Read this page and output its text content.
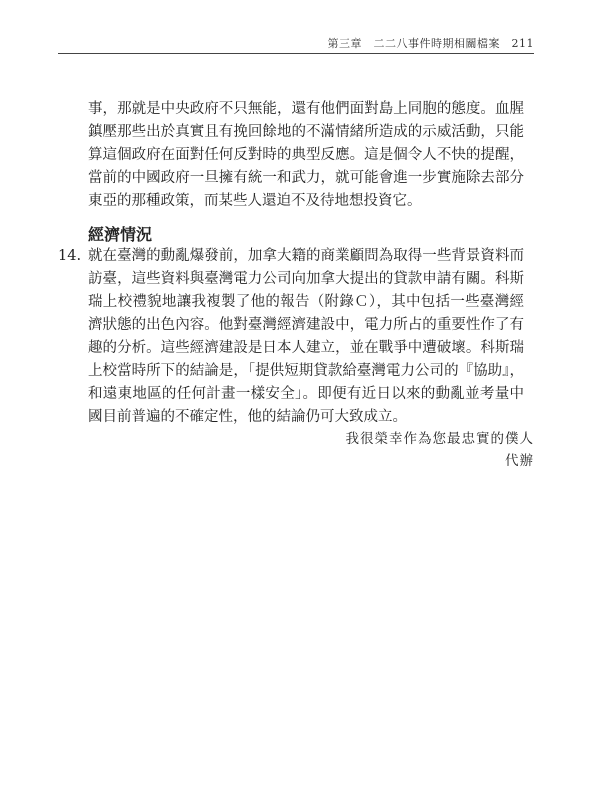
第三章　二二八事件時期相關檔案　211

事，那就是中央政府不只無能，還有他們面對島上同胞的態度。血腥鎮壓那些出於真實且有挽回餘地的不滿情緒所造成的示威活動，只能算這個政府在面對任何反對時的典型反應。這是個令人不快的提醒，當前的中國政府一旦擁有統一和武力，就可能會進一步實施除去部分東亞的那種政策，而某些人還迫不及待地想投資它。

經濟情況
14. 就在臺灣的動亂爆發前，加拿大籍的商業顧問為取得一些背景資料而訪臺，這些資料與臺灣電力公司向加拿大提出的貸款申請有關。科斯瑞上校禮貌地讓我複製了他的報告（附錄Ｃ），其中包括一些臺灣經濟狀態的出色內容。他對臺灣經濟建設中，電力所占的重要性作了有趣的分析。這些經濟建設是日本人建立，並在戰爭中遭破壞。科斯瑞上校當時所下的結論是，「提供短期貸款給臺灣電力公司的『協助』，和遠東地區的任何計畫一樣安全」。即便有近日以來的動亂並考量中國目前普遍的不確定性，他的結論仍可大致成立。

我很榮幸作為您最忠實的僕人
代辦
